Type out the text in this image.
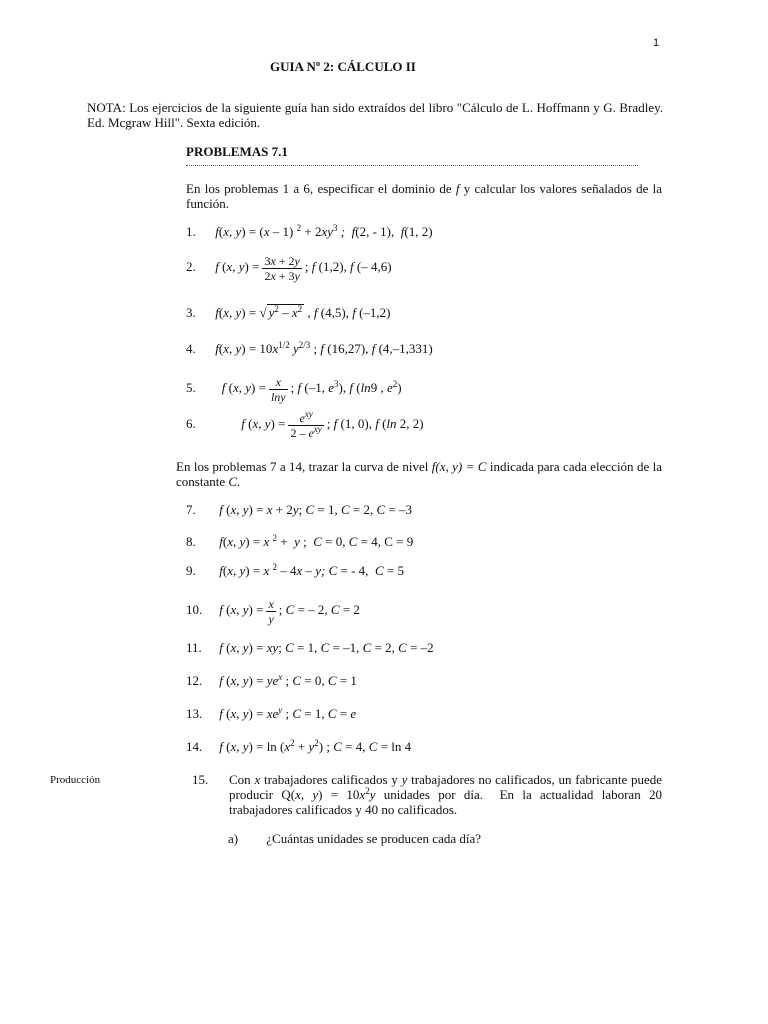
1
GUIA Nº 2: CÁLCULO II
NOTA: Los ejercicios de la siguiente guía han sido extraídos del libro "Cálculo de L. Hoffmann y G. Bradley. Ed. Mcgraw Hill". Sexta edición.
PROBLEMAS 7.1
En los problemas 1 a 6, especificar el dominio de f y calcular los valores señalados de la función.
1. f(x, y) = (x – 1) $^2 + 2xy^3$ ; f(2, - 1),  f(1, 2)
2. f (x, $y) = \frac{3x + 2y}{2x + 3y}$ ; f (1,2), f (– 4,6)
3. f(x, y) = √ $y^2 - x^2$ , f (4,5), f (–1,2)
4. f(x, $y) = 10x^{1/2}$ $y^{2/3}$ ; f (16,27), f (4,–1,331)
5. f (x, $y) = \frac{x}{\ln y}$ ; f (–1, $e^3$), f (ln9 , $e^2$)
6.	f (x, $y) = \frac{e^{xy}}{2 - e^{xy}}$ ; f (1, 0), f (ln 2, 2)
En los problemas 7 a 14, trazar la curva de nivel f(x, y) = C indicada para cada elección de la constante C.
7. f (x, y) = x + 2y; C = 1, C = 2, C = –3
8. f(x, y) = x $^2$ +  y ;  C = 0, C = 4, C = 9
9. f(x, y) = x $^2$ – 4x – y; C = - 4,  C = 5
10. f (x, $y) = \frac{x}{y}$ ; C = – 2, C = 2
11. f (x, y) = xy; C = 1, C = –1, C = 2, C = –2
12. f (x, $y) = ye^x$ ; C = 0, C = 1
13. f (x, $y) = xe^y$ ; C = 1, C = e
14. f (x, $y) = \ln (x^2 + y^2)$ ; C = 4, C = ln 4
Producción	15. Con x trabajadores calificados y y trabajadores no calificados, un fabricante puede producir Q(x, $y) = 10x^2y$ unidades por día.  En la actualidad laboran 20 trabajadores calificados y 40 no calificados.
a) ¿Cuántas unidades se producen cada día?
